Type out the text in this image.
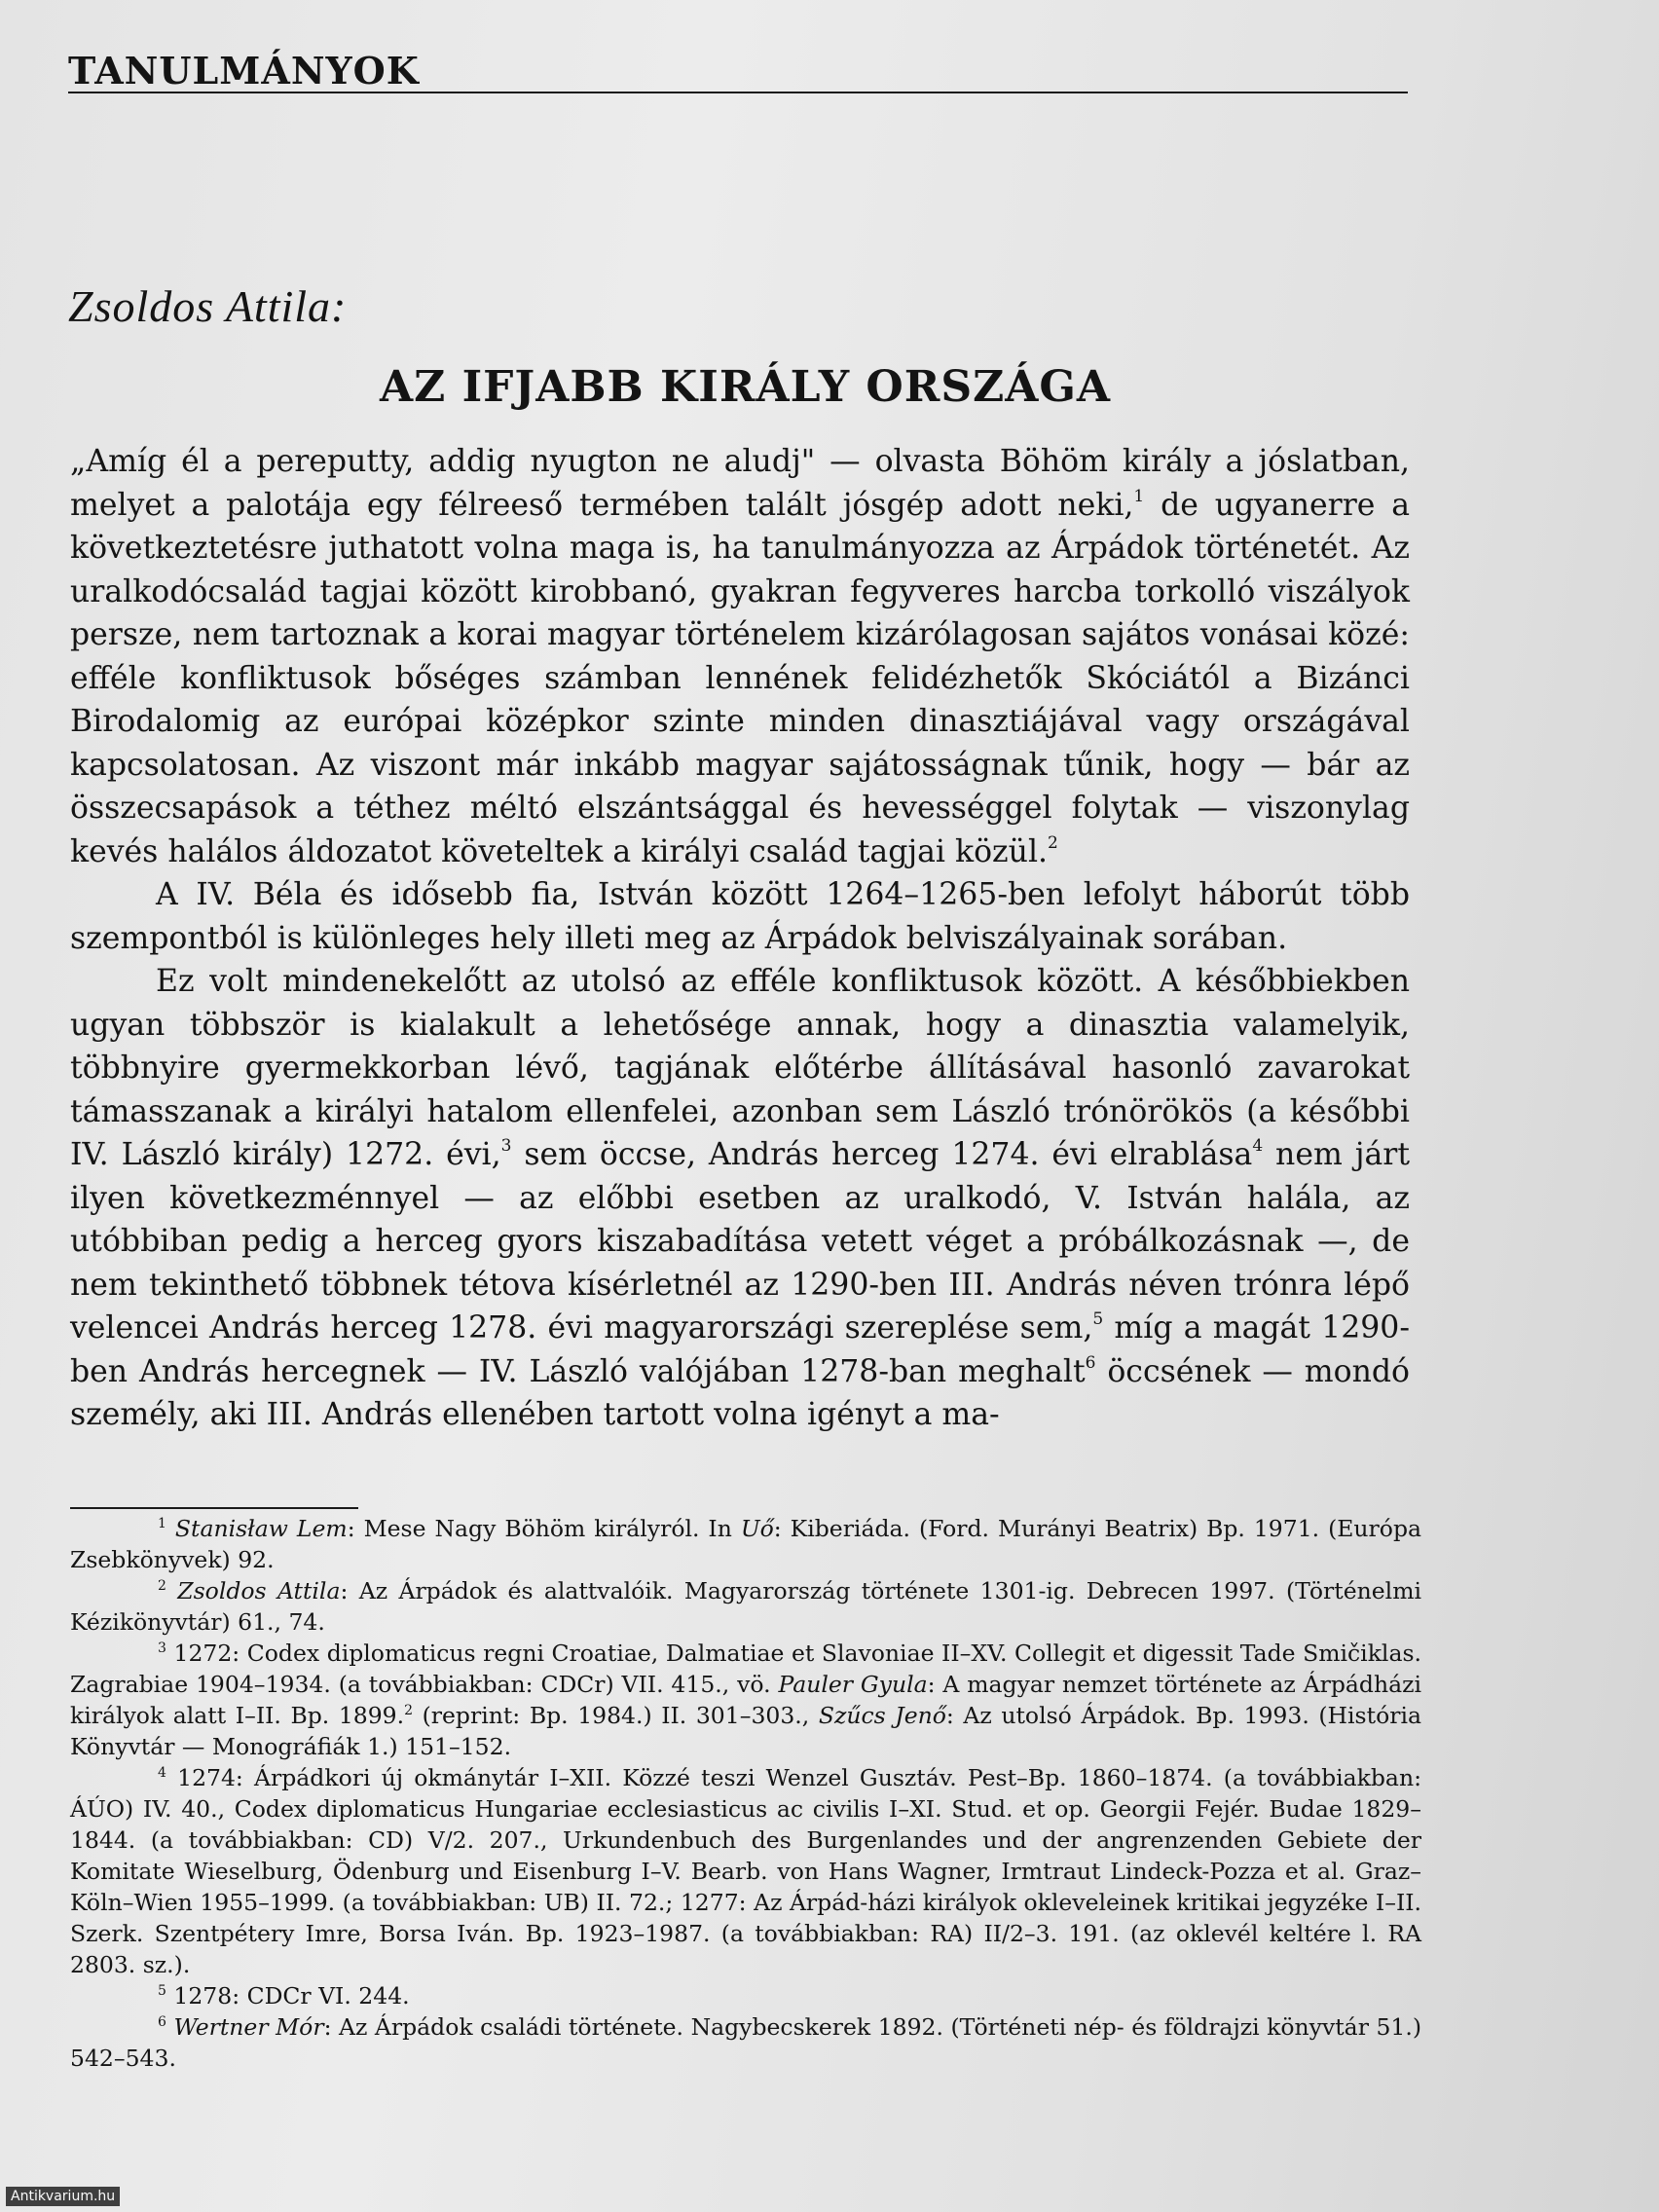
TANULMÁNYOK
Zsoldos Attila:
AZ IFJABB KIRÁLY ORSZÁGA

„Amíg él a pereputty, addig nyugton ne aludj" — olvasta Böhöm király a jóslatban, melyet a palotája egy félreeső termében talált jósgép adott neki,$^1$ de ugyanerre a következtetésre juthatott volna maga is, ha tanulmányozza az Árpádok történetét. Az uralkodócsalád tagjai között kirobbanó, gyakran fegyveres harcba torkolló viszályok persze, nem tartoznak a korai magyar történelem kizárólagosan sajátos vonásai közé: efféle konfliktusok bőséges számban lennének felidézhetők Skóciától a Bizánci Birodalomig az európai középkor szinte minden dinasztiájával vagy országával kapcsolatosan. Az viszont már inkább magyar sajátosságnak tűnik, hogy — bár az összecsapások a téthez méltó elszántsággal és hevességgel folytak — viszonylag kevés halálos áldozatot követeltek a királyi család tagjai közül.$^2$

A IV. Béla és idősebb fia, István között 1264–1265-ben lefolyt háborút több szempontból is különleges hely illeti meg az Árpádok belviszályainak sorában.

Ez volt mindenekelőtt az utolsó az efféle konfliktusok között. A későbbiekben ugyan többször is kialakult a lehetősége annak, hogy a dinasztia valamelyik, többnyire gyermekkorban lévő, tagjának előtérbe állításával hasonló zavarokat támasszanak a királyi hatalom ellenfelei, azonban sem László trónörökös (a későbbi IV. László király) 1272. évi,$^3$ sem öccse, András herceg 1274. évi elrablása$^4$ nem járt ilyen következménnyel — az előbbi esetben az uralkodó, V. István halála, az utóbbiban pedig a herceg gyors kiszabadítása vetett véget a próbálkozásnak —, de nem tekinthető többnek tétova kísérletnél az 1290-ben III. András néven trónra lépő velencei András herceg 1278. évi magyarországi szereplése sem,$^5$ míg a magát 1290-ben András hercegnek — IV. László valójában 1278-ban meghalt$^6$ öccsének — mondó személy, aki III. András ellenében tartott volna igényt a ma-

$^1$ Stanisław Lem: Mese Nagy Böhöm királyról. In Uő: Kiberiáda. (Ford. Murányi Beatrix) Bp. 1971. (Európa Zsebkönyvek) 92.

$^2$ Zsoldos Attila: Az Árpádok és alattvalóik. Magyarország története 1301-ig. Debrecen 1997. (Történelmi Kézikönyvtár) 61., 74.

$^3$ 1272: Codex diplomaticus regni Croatiae, Dalmatiae et Slavoniae II–XV. Collegit et digessit Tade Smičiklas. Zagrabiae 1904–1934. (a továbbiakban: CDCr) VII. 415., vö. Pauler Gyula: A magyar nemzet története az Árpádházi királyok alatt I–II. Bp. 1899.$^2$ (reprint: Bp. 1984.) II. 301–303., Szűcs Jenő: Az utolsó Árpádok. Bp. 1993. (História Könyvtár — Monográfiák 1.) 151–152.

$^4$ 1274: Árpádkori új okmánytár I–XII. Közzé teszi Wenzel Gusztáv. Pest–Bp. 1860–1874. (a továbbiakban: ÁÚO) IV. 40., Codex diplomaticus Hungariae ecclesiasticus ac civilis I–XI. Stud. et op. Georgii Fejér. Budae 1829–1844. (a továbbiakban: CD) V/2. 207., Urkundenbuch des Burgenlandes und der angrenzenden Gebiete der Komitate Wieselburg, Ödenburg und Eisenburg I–V. Bearb. von Hans Wagner, Irmtraut Lindeck-Pozza et al. Graz–Köln–Wien 1955–1999. (a továbbiakban: UB) II. 72.; 1277: Az Árpád-házi királyok okleveleinek kritikai jegyzéke I–II. Szerk. Szentpétery Imre, Borsa Iván. Bp. 1923–1987. (a továbbiakban: RA) II/2–3. 191. (az oklevél keltére l. RA 2803. sz.).

$^5$ 1278: CDCr VI. 244.

$^6$ Wertner Mór: Az Árpádok családi története. Nagybecskerek 1892. (Történeti nép- és földrajzi könyvtár 51.) 542–543.

Antikvarium.hu
